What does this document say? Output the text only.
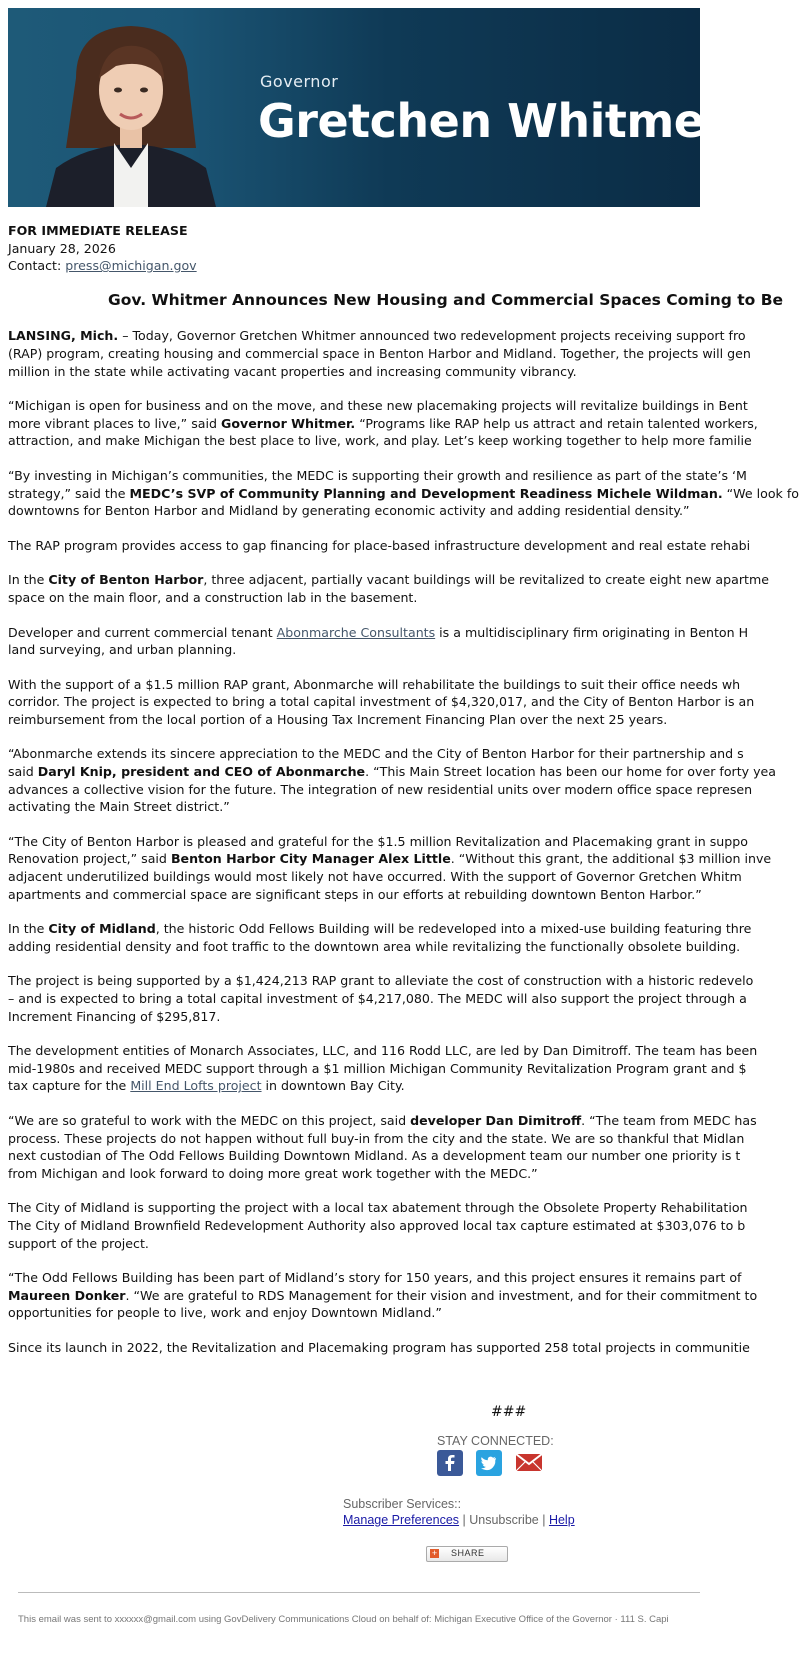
Governor
Gretchen Whitmer
FOR IMMEDIATE RELEASE
January 28, 2026
Contact: press@michigan.gov
Gov. Whitmer Announces New Housing and Commercial Spaces Coming to Be

LANSING, Mich. – Today, Governor Gretchen Whitmer announced two redevelopment projects receiving support fro
(RAP) program, creating housing and commercial space in Benton Harbor and Midland. Together, the projects will gen
million in the state while activating vacant properties and increasing community vibrancy.

“Michigan is open for business and on the move, and these new placemaking projects will revitalize buildings in Bent
more vibrant places to live,” said Governor Whitmer. “Programs like RAP help us attract and retain talented workers,
attraction, and make Michigan the best place to live, work, and play. Let’s keep working together to help more familie

“By investing in Michigan’s communities, the MEDC is supporting their growth and resilience as part of the state’s ‘M
strategy,” said the MEDC’s SVP of Community Planning and Development Readiness Michele Wildman. “We look fo
downtowns for Benton Harbor and Midland by generating economic activity and adding residential density.”

The RAP program provides access to gap financing for place-based infrastructure development and real estate rehabi

In the City of Benton Harbor, three adjacent, partially vacant buildings will be revitalized to create eight new apartme
space on the main floor, and a construction lab in the basement.

Developer and current commercial tenant Abonmarche Consultants is a multidisciplinary firm originating in Benton H
land surveying, and urban planning.

With the support of a $1.5 million RAP grant, Abonmarche will rehabilitate the buildings to suit their office needs wh
corridor. The project is expected to bring a total capital investment of $4,320,017, and the City of Benton Harbor is an
reimbursement from the local portion of a Housing Tax Increment Financing Plan over the next 25 years.

“Abonmarche extends its sincere appreciation to the MEDC and the City of Benton Harbor for their partnership and s
said Daryl Knip, president and CEO of Abonmarche. “This Main Street location has been our home for over forty yea
advances a collective vision for the future. The integration of new residential units over modern office space represen
activating the Main Street district.”

“The City of Benton Harbor is pleased and grateful for the $1.5 million Revitalization and Placemaking grant in suppo
Renovation project,” said Benton Harbor City Manager Alex Little. “Without this grant, the additional $3 million inve
adjacent underutilized buildings would most likely not have occurred. With the support of Governor Gretchen Whitm
apartments and commercial space are significant steps in our efforts at rebuilding downtown Benton Harbor.”

In the City of Midland, the historic Odd Fellows Building will be redeveloped into a mixed-use building featuring thre
adding residential density and foot traffic to the downtown area while revitalizing the functionally obsolete building.

The project is being supported by a $1,424,213 RAP grant to alleviate the cost of construction with a historic redevelo
– and is expected to bring a total capital investment of $4,217,080. The MEDC will also support the project through a
Increment Financing of $295,817.

The development entities of Monarch Associates, LLC, and 116 Rodd LLC, are led by Dan Dimitroff. The team has been
mid-1980s and received MEDC support through a $1 million Michigan Community Revitalization Program grant and $
tax capture for the Mill End Lofts project in downtown Bay City.

“We are so grateful to work with the MEDC on this project, said developer Dan Dimitroff. “The team from MEDC has
process. These projects do not happen without full buy-in from the city and the state. We are so thankful that Midlan
next custodian of The Odd Fellows Building Downtown Midland. As a development team our number one priority is t
from Michigan and look forward to doing more great work together with the MEDC.”

The City of Midland is supporting the project with a local tax abatement through the Obsolete Property Rehabilitation
The City of Midland Brownfield Redevelopment Authority also approved local tax capture estimated at $303,076 to b
support of the project.

“The Odd Fellows Building has been part of Midland’s story for 150 years, and this project ensures it remains part of
Maureen Donker. “We are grateful to RDS Management for their vision and investment, and for their commitment to
opportunities for people to live, work and enjoy Downtown Midland.”

Since its launch in 2022, the Revitalization and Placemaking program has supported 258 total projects in communitie

###
STAY CONNECTED:

Subscriber Services::
Manage Preferences | Unsubscribe | Help
+ SHARE
This email was sent to xxxxxx@gmail.com using GovDelivery Communications Cloud on behalf of: Michigan Executive Office of the Governor · 111 S. Capi
